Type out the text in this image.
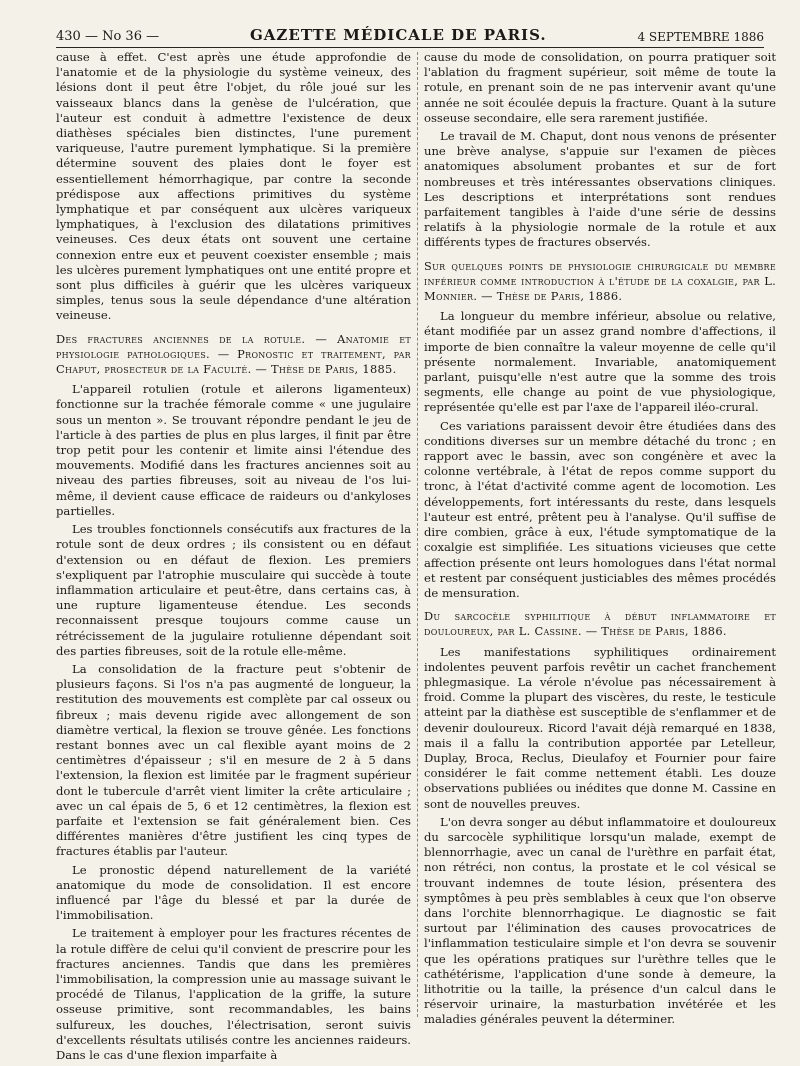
430 — No 36 —	GAZETTE MÉDICALE DE PARIS.	4 SEPTEMBRE 1886

cause à effet. C'est après une étude approfondie de l'anatomie et de la physiologie du système veineux, des lésions dont il peut être l'objet, du rôle joué sur les vaisseaux blancs dans la genèse de l'ulcération, que l'auteur est conduit à admettre l'existence de deux diathèses spéciales bien distinctes, l'une purement variqueuse, l'autre purement lymphatique. Si la première détermine souvent des plaies dont le foyer est essentiellement hémorrhagique, par contre la seconde prédispose aux affections primitives du système lymphatique et par conséquent aux ulcères variqueux lymphatiques, à l'exclusion des dilatations primitives veineuses. Ces deux états ont souvent une certaine connexion entre eux et peuvent coexister ensemble ; mais les ulcères purement lymphatiques ont une entité propre et sont plus difficiles à guérir que les ulcères variqueux simples, tenus sous la seule dépendance d'une altération veineuse.

Des fractures anciennes de la rotule. — Anatomie et physiologie pathologiques. — Pronostic et traitement, par Chaput, prosecteur de la Faculté. — Thèse de Paris, 1885.

L'appareil rotulien (rotule et ailerons ligamenteux) fonctionne sur la trachée fémorale comme « une jugulaire sous un menton ». Se trouvant répondre pendant le jeu de l'article à des parties de plus en plus larges, il finit par être trop petit pour les contenir et limite ainsi l'étendue des mouvements. Modifié dans les fractures anciennes soit au niveau des parties fibreuses, soit au niveau de l'os lui-même, il devient cause efficace de raideurs ou d'ankyloses partielles.

Les troubles fonctionnels consécutifs aux fractures de la rotule sont de deux ordres ; ils consistent ou en défaut d'extension ou en défaut de flexion. Les premiers s'expliquent par l'atrophie musculaire qui succède à toute inflammation articulaire et peut-être, dans certains cas, à une rupture ligamenteuse étendue. Les seconds reconnaissent presque toujours comme cause un rétrécissement de la jugulaire rotulienne dépendant soit des parties fibreuses, soit de la rotule elle-même.

La consolidation de la fracture peut s'obtenir de plusieurs façons. Si l'os n'a pas augmenté de longueur, la restitution des mouvements est complète par cal osseux ou fibreux ; mais devenu rigide avec allongement de son diamètre vertical, la flexion se trouve gênée. Les fonctions restant bonnes avec un cal flexible ayant moins de 2 centimètres d'épaisseur ; s'il en mesure de 2 à 5 dans l'extension, la flexion est limitée par le fragment supérieur dont le tubercule d'arrêt vient limiter la crête articulaire ; avec un cal épais de 5, 6 et 12 centimètres, la flexion est parfaite et l'extension se fait généralement bien. Ces différentes manières d'être justifient les cinq types de fractures établis par l'auteur.

Le pronostic dépend naturellement de la variété anatomique du mode de consolidation. Il est encore influencé par l'âge du blessé et par la durée de l'immobilisation.

Le traitement à employer pour les fractures récentes de la rotule diffère de celui qu'il convient de prescrire pour les fractures anciennes. Tandis que dans les premières l'immobilisation, la compression unie au massage suivant le procédé de Tilanus, l'application de la griffe, la suture osseuse primitive, sont recommandables, les bains sulfureux, les douches, l'électrisation, seront suivis d'excellents résultats utilisés contre les anciennes raideurs. Dans le cas d'une flexion imparfaite à

cause du mode de consolidation, on pourra pratiquer soit l'ablation du fragment supérieur, soit même de toute la rotule, en prenant soin de ne pas intervenir avant qu'une année ne soit écoulée depuis la fracture. Quant à la suture osseuse secondaire, elle sera rarement justifiée.

Le travail de M. Chaput, dont nous venons de présenter une brève analyse, s'appuie sur l'examen de pièces anatomiques absolument probantes et sur de fort nombreuses et très intéressantes observations cliniques. Les descriptions et interprétations sont rendues parfaitement tangibles à l'aide d'une série de dessins relatifs à la physiologie normale de la rotule et aux différents types de fractures observés.

Sur quelques points de physiologie chirurgicale du membre inférieur comme introduction à l'étude de la coxalgie, par L. Monnier. — Thèse de Paris, 1886.

La longueur du membre inférieur, absolue ou relative, étant modifiée par un assez grand nombre d'affections, il importe de bien connaître la valeur moyenne de celle qu'il présente normalement. Invariable, anatomiquement parlant, puisqu'elle n'est autre que la somme des trois segments, elle change au point de vue physiologique, représentée qu'elle est par l'axe de l'appareil iléo-crural.

Ces variations paraissent devoir être étudiées dans des conditions diverses sur un membre détaché du tronc ; en rapport avec le bassin, avec son congénère et avec la colonne vertébrale, à l'état de repos comme support du tronc, à l'état d'activité comme agent de locomotion. Les développements, fort intéressants du reste, dans lesquels l'auteur est entré, prêtent peu à l'analyse. Qu'il suffise de dire combien, grâce à eux, l'étude symptomatique de la coxalgie est simplifiée. Les situations vicieuses que cette affection présente ont leurs homologues dans l'état normal et restent par conséquent justiciables des mêmes procédés de mensuration.

Du sarcocèle syphilitique à début inflammatoire et douloureux, par L. Cassine. — Thèse de Paris, 1886.

Les manifestations syphilitiques ordinairement indolentes peuvent parfois revêtir un cachet franchement phlegmasique. La vérole n'évolue pas nécessairement à froid. Comme la plupart des viscères, du reste, le testicule atteint par la diathèse est susceptible de s'enflammer et de devenir douloureux. Ricord l'avait déjà remarqué en 1838, mais il a fallu la contribution apportée par Letelleur, Duplay, Broca, Reclus, Dieulafoy et Fournier pour faire considérer le fait comme nettement établi. Les douze observations publiées ou inédites que donne M. Cassine en sont de nouvelles preuves.

L'on devra songer au début inflammatoire et douloureux du sarcocèle syphilitique lorsqu'un malade, exempt de blennorrhagie, avec un canal de l'urèthre en parfait état, non rétréci, non contus, la prostate et le col vésical se trouvant indemnes de toute lésion, présentera des symptômes à peu près semblables à ceux que l'on observe dans l'orchite blennorrhagique. Le diagnostic se fait surtout par l'élimination des causes provocatrices de l'inflammation testiculaire simple et l'on devra se souvenir que les opérations pratiques sur l'urèthre telles que le cathétérisme, l'application d'une sonde à demeure, la lithotritie ou la taille, la présence d'un calcul dans le réservoir urinaire, la masturbation invétérée et les maladies générales peuvent la déterminer.
